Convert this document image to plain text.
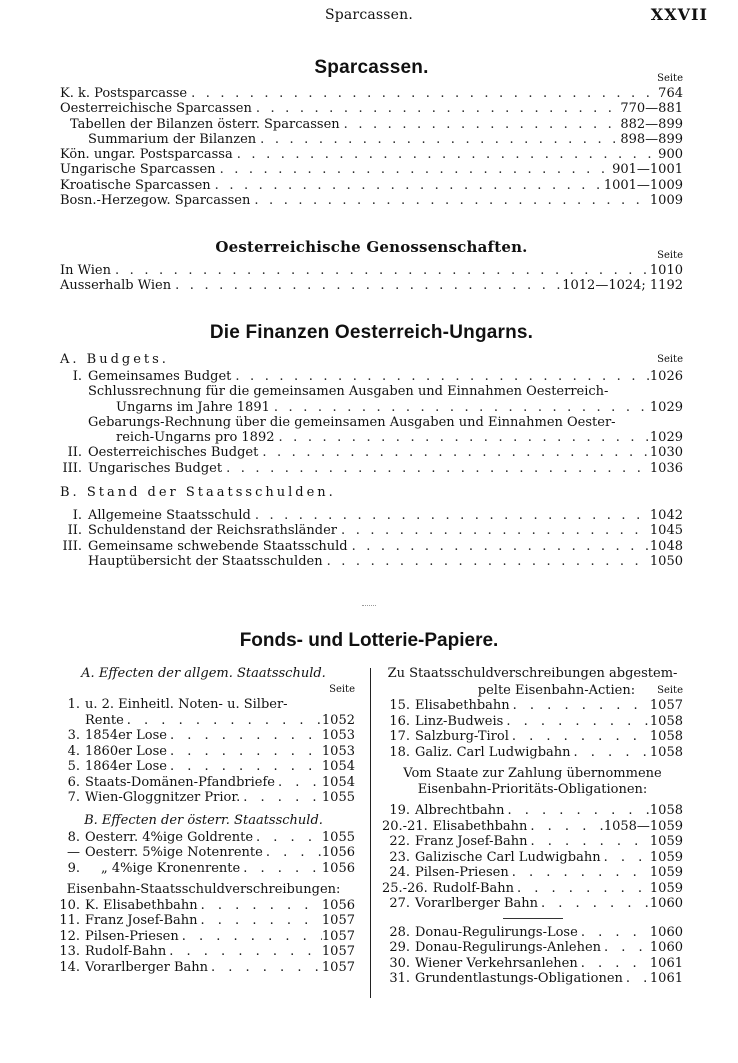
Sparcassen.	XXVII
Sparcassen.
Seite
K. k. Postsparcasse . . .	764
Oesterreichische Sparcassen . . .	770—881
Tabellen der Bilanzen österr. Sparcassen . . .	882—899
Summarium der Bilanzen . . .	898—899
Kön. ungar. Postsparcassa . . .	900
Ungarische Sparcassen . . .	901—1001
Kroatische Sparcassen . . .	1001—1009
Bosn.-Herzegow. Sparcassen . . .	1009
Oesterreichische Genossenschaften.	Seite
In Wien . . .	1010
Ausserhalb Wien . . .	1012—1024; 1192
Die Finanzen Oesterreich-Ungarns.
A. Budgets.	Seite
I. Gemeinsames Budget . . .	1026
Schlussrechnung für die gemeinsamen Ausgaben und Einnahmen Oesterreich-
Ungarns im Jahre 1891 . . .	1029
Gebarungs-Rechnung über die gemeinsamen Ausgaben und Einnahmen Oester-
reich-Ungarns pro 1892 . . .	1029
II. Oesterreichisches Budget . . .	1030
III. Ungarisches Budget . . .	1036
B. Stand der Staatsschulden.
I. Allgemeine Staatsschuld . . .	1042
II. Schuldenstand der Reichsrathsländer . . .	1045
III. Gemeinsame schwebende Staatsschuld . . .	1048
Hauptübersicht der Staatsschulden . . .	1050
Fonds- und Lotterie-Papiere.
A. Effecten der allgem. Staatsschuld.
Seite
1. u. 2. Einheitl. Noten- u. Silber-
Rente . . .	1052
3. 1854er Lose . . .	1053
4. 1860er Lose . . .	1053
5. 1864er Lose . . .	1054
6. Staats-Domänen-Pfandbriefe . . .	1054
7. Wien-Gloggnitzer Prior. . . .	1055
B. Effecten der österr. Staatsschuld.
8. Oesterr. 4%ige Goldrente . . .	1055
— Oesterr. 5%ige Notenrente . . .	1056
9.	„ 4%ige Kronenrente . . .	1056
Eisenbahn-Staatsschuldverschreibungen:
10. K. Elisabethbahn . . .	1056
11. Franz Josef-Bahn . . .	1057
12. Pilsen-Priesen . . .	1057
13. Rudolf-Bahn . . .	1057
14. Vorarlberger Bahn . . .	1057
Zu Staatsschuldverschreibungen abgestem-
pelte Eisenbahn-Actien: Seite
15. Elisabethbahn . . .	1057
16. Linz-Budweis . . .	1058
17. Salzburg-Tirol . . .	1058
18. Galiz. Carl Ludwigbahn . . .	1058
Vom Staate zur Zahlung übernommene
Eisenbahn-Prioritäts-Obligationen:
19. Albrechtbahn . . .	1058
20.-21. Elisabethbahn . . .	1058—1059
22. Franz Josef-Bahn . . .	1059
23. Galizische Carl Ludwigbahn . . .	1059
24. Pilsen-Priesen . . .	1059
25.-26. Rudolf-Bahn . . .	1059
27. Vorarlberger Bahn . . .	1060
28. Donau-Regulirungs-Lose . . .	1060
29. Donau-Regulirungs-Anlehen . . .	1060
30. Wiener Verkehrsanlehen . . .	1061
31. Grundentlastungs-Obligationen . . . 1061
